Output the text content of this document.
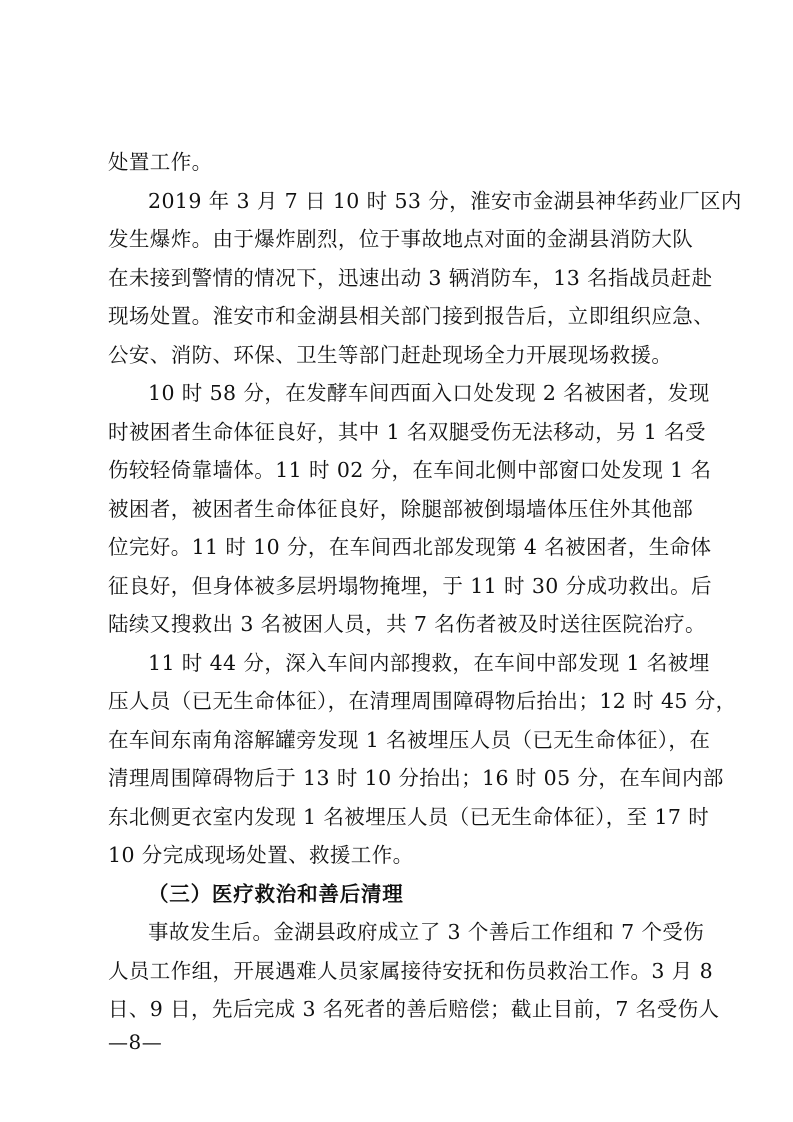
处置工作。
2019 年 3 月 7 日 10 时 53 分，淮安市金湖县神华药业厂区内
发生爆炸。由于爆炸剧烈，位于事故地点对面的金湖县消防大队
在未接到警情的情况下，迅速出动 3 辆消防车，13 名指战员赶赴
现场处置。淮安市和金湖县相关部门接到报告后，立即组织应急、
公安、消防、环保、卫生等部门赶赴现场全力开展现场救援。
10 时 58 分，在发酵车间西面入口处发现 2 名被困者，发现
时被困者生命体征良好，其中 1 名双腿受伤无法移动，另 1 名受
伤较轻倚靠墙体。11 时 02 分，在车间北侧中部窗口处发现 1 名
被困者，被困者生命体征良好，除腿部被倒塌墙体压住外其他部
位完好。11 时 10 分，在车间西北部发现第 4 名被困者，生命体
征良好，但身体被多层坍塌物掩埋，于 11 时 30 分成功救出。后
陆续又搜救出 3 名被困人员，共 7 名伤者被及时送往医院治疗。
11 时 44 分，深入车间内部搜救，在车间中部发现 1 名被埋
压人员（已无生命体征），在清理周围障碍物后抬出；12 时 45 分，
在车间东南角溶解罐旁发现 1 名被埋压人员（已无生命体征），在
清理周围障碍物后于 13 时 10 分抬出；16 时 05 分，在车间内部
东北侧更衣室内发现 1 名被埋压人员（已无生命体征），至 17 时
10 分完成现场处置、救援工作。
（三）医疗救治和善后清理
事故发生后。金湖县政府成立了 3 个善后工作组和 7 个受伤
人员工作组，开展遇难人员家属接待安抚和伤员救治工作。3 月 8
日、9 日，先后完成 3 名死者的善后赔偿；截止目前，7 名受伤人
—8—
